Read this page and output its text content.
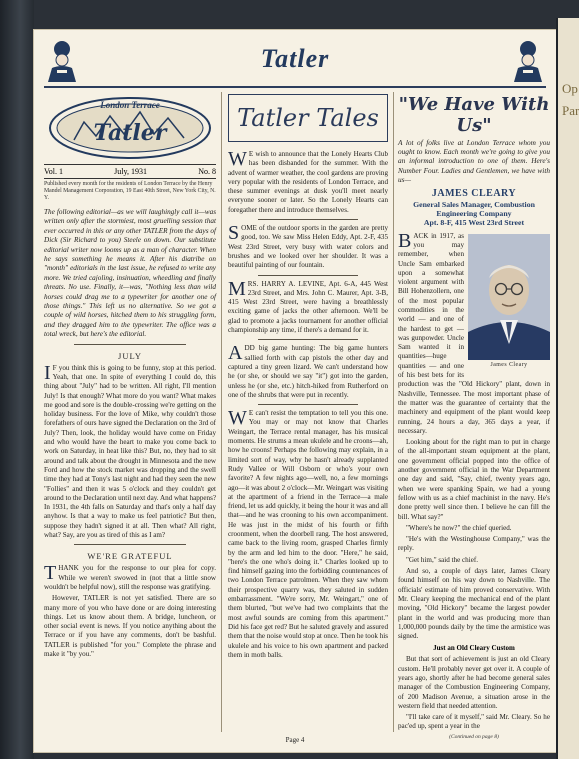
Tatler
London Terrace
Tatler
Vol. 1	July, 1931	No. 8
Published every month for the residents of London Terrace by the Henry Mandel Management Corporation, 19 East 40th Street, New York City, N. Y.

The following editorial—as we will laughingly call it—was written only after the stormiest, most gruelling session that ever occurred in this or any other TATLER from the days of Dick (Sir Richard to you) Steele on down. Our substitute editorial writer now looms up as a man of character. When he says something he means it. After his diatribe on "month" editorials in the last issue, he refused to write any more. We tried cajoling, insinuation, wheedling and finally threats. No use. Finally, it—was, "Nothing less than wild horses could drag me to a typewriter for another one of those things." This left us no alternative. So we got a couple of wild horses, hitched them to his struggling form, and they dragged him to the typewriter. The office was a total wreck, but here's the editorial.

JULY

I F you think this is going to be funny, stop at this period. Yeah, that one. In spite of everything I could do, this thing about "July" had to be written. All right, I'll mention July! Is that enough? What more do you want? What makes me good and sore is the double-crossing we're getting on the holiday business. For the love of Mike, why couldn't those forefathers of ours have signed the Declaration on the 3rd of July? Then, look, the holiday would have come on Friday and who would have the heart to make you come back to work on Saturday, in heat like this? But, no, they had to sit around and talk about the drought in Minnesota and the new Ford and how the stock market was dropping and the swell time they had at Tony's last night and had they seen the new "Follies" and then it was 5 o'clock and they couldn't get around to the Declaration until next day. And what happens? In 1931, the 4th falls on Saturday and that's only a half day anyhow. Is that a way to make us feel patriotic? But then, suppose they hadn't signed it at all. Then what? All right, what? Say, are you as tired of this as I am?

WE'RE GRATEFUL

THANK you for the response to our plea for copy. While we weren't swowed in (not that a little snow wouldn't be helpful now), still the response was gratifying.

However, TATLER is not yet satisfied. There are so many more of you who have done or are doing interesting things. Let us know about them. A bridge, luncheon, or other social event is news. If you notice anything about the Terrace or if you have any comments, don't be bashful. TATLER is published "for you." Complete the phrase and make it "by you."

Tatler Tales

W E wish to announce that the Lonely Hearts Club has been disbanded for the summer. With the advent of warmer weather, the cool gardens are proving very popular with the residents of London Terrace, and these summer evenings at dusk you'll meet nearly everyone sooner or later. So the Lonely Hearts can foregather there and introduce themselves.

SOME of the outdoor sports in the garden are pretty good, too. We saw Miss Helen Eddy, Apt. 2-F, 435 West 23rd Street, very busy with water colors and brushes and we looked over her shoulder. It was a beautiful painting of our fountain.

MRS. HARRY A. LEVINE, Apt. 6-A, 445 West 23rd Street, and Mrs. John C. Maurer, Apt. 3-B, 415 West 23rd Street, were having a breathlessly exciting game of jacks the other afternoon. We'll be glad to promote a jacks tournament for another official championship any time, if there's a demand for it.

ADD big game hunting: The big game hunters sallied forth with cap pistols the other day and captured a tiny green lizard. We can't understand how he (or she, or should we say "it") got into the garden, unless he (or she, etc.) hitch-hiked from Rutherford on one of the shrubs that were put in recently.

W E can't resist the temptation to tell you this one. You may or may not know that Charles Weingart, the Terrace rental manager, has his musical moments. He strums a mean ukulele and he croons—ah, how he croons! Perhaps the following may explain, in a limited sort of way, why he hasn't already supplanted Rudy Vallee or Will Osborn or who's your own favorite? A few nights ago—well, no, a few mornings ago—it was about 2 o'clock—Mr. Weingart was visiting at the apartment of a friend in the Terrace—a male friend, let us add quickly, it being the hour it was and all that—and he was crooning to his own accompaniment. He was just in the midst of his fourth or fifth croonment, when the doorbell rang. The host answered, came back to the living room, grasped Charles firmly by the arm and led him to the door. "Here," he said, "here's the one who's doing it." Charles looked up to find himself gazing into the forbidding countenances of two London Terrace patrolmen. When they saw whom their prospective quarry was, they saluted in sudden embarrassment. "We're sorry, Mr. Weingart," one of them blurted, "but we've had two complaints that the most awful sounds are coming from this apartment." Did his face get red? But he saluted gravely and assured them that the noise would stop at once. Then he took his ukulele and his voice to his own apartment and packed them in moth balls.

"We Have With Us"
A lot of folks live at London Terrace whom you ought to know. Each month we're going to give you an informal introduction to one of them. Here's Number Four. Ladies and Gentlemen, we have with us—
JAMES CLEARY
General Sales Manager, Combustion Engineering Company
Apt. 8-F, 415 West 23rd Street
James Cleary

BACK in 1917, as you may remember, when Uncle Sam embarked upon a somewhat violent argument with Bill Hohenzollern, one of the most popular commodities in the world — and one of the hardest to get — was gunpowder. Uncle Sam wanted it in quantities—huge quantities — and one of his best bets for its production was the "Old Hickory" plant, down in Nashville, Tennessee. The most important phase of the matter was the guarantee of certainty that the machinery and equipment of the plant would keep running, 24 hours a day, 365 days a year, if necessary.

Looking about for the right man to put in charge of the all-important steam equipment at the plant, one government official popped into the office of another government official in the War Department one day and said, "Say, chief, twenty years ago, when we were spanking Spain, we had a young fellow with us as a chief machinist in the navy. He's done pretty well since then. I believe he can fill the bill. What say?"

"Where's he now?" the chief queried.

"He's with the Westinghouse Company," was the reply.

"Get him," said the chief.

And so, a couple of days later, James Cleary found himself on his way down to Nashville. The officials' estimate of him proved conservative. With Mr. Cleary keeping the mechanical end of the plant moving, "Old Hickory" became the largest powder plant in the world and was producing more than 1,000,000 pounds daily by the time the armistice was signed.

Just an Old Cleary Custom

But that sort of achievement is just an old Cleary custom. He'll probably never get over it. A couple of years ago, shortly after he had become general sales manager of the Combustion Engineering Company, of 200 Madison Avenue, a situation arose in the western field that needed attention.

"I'll take care of it myself," said Mr. Cleary. So he pac'ed up, spent a year in the

(Continued on page 8)
Page 4
Op
Par
